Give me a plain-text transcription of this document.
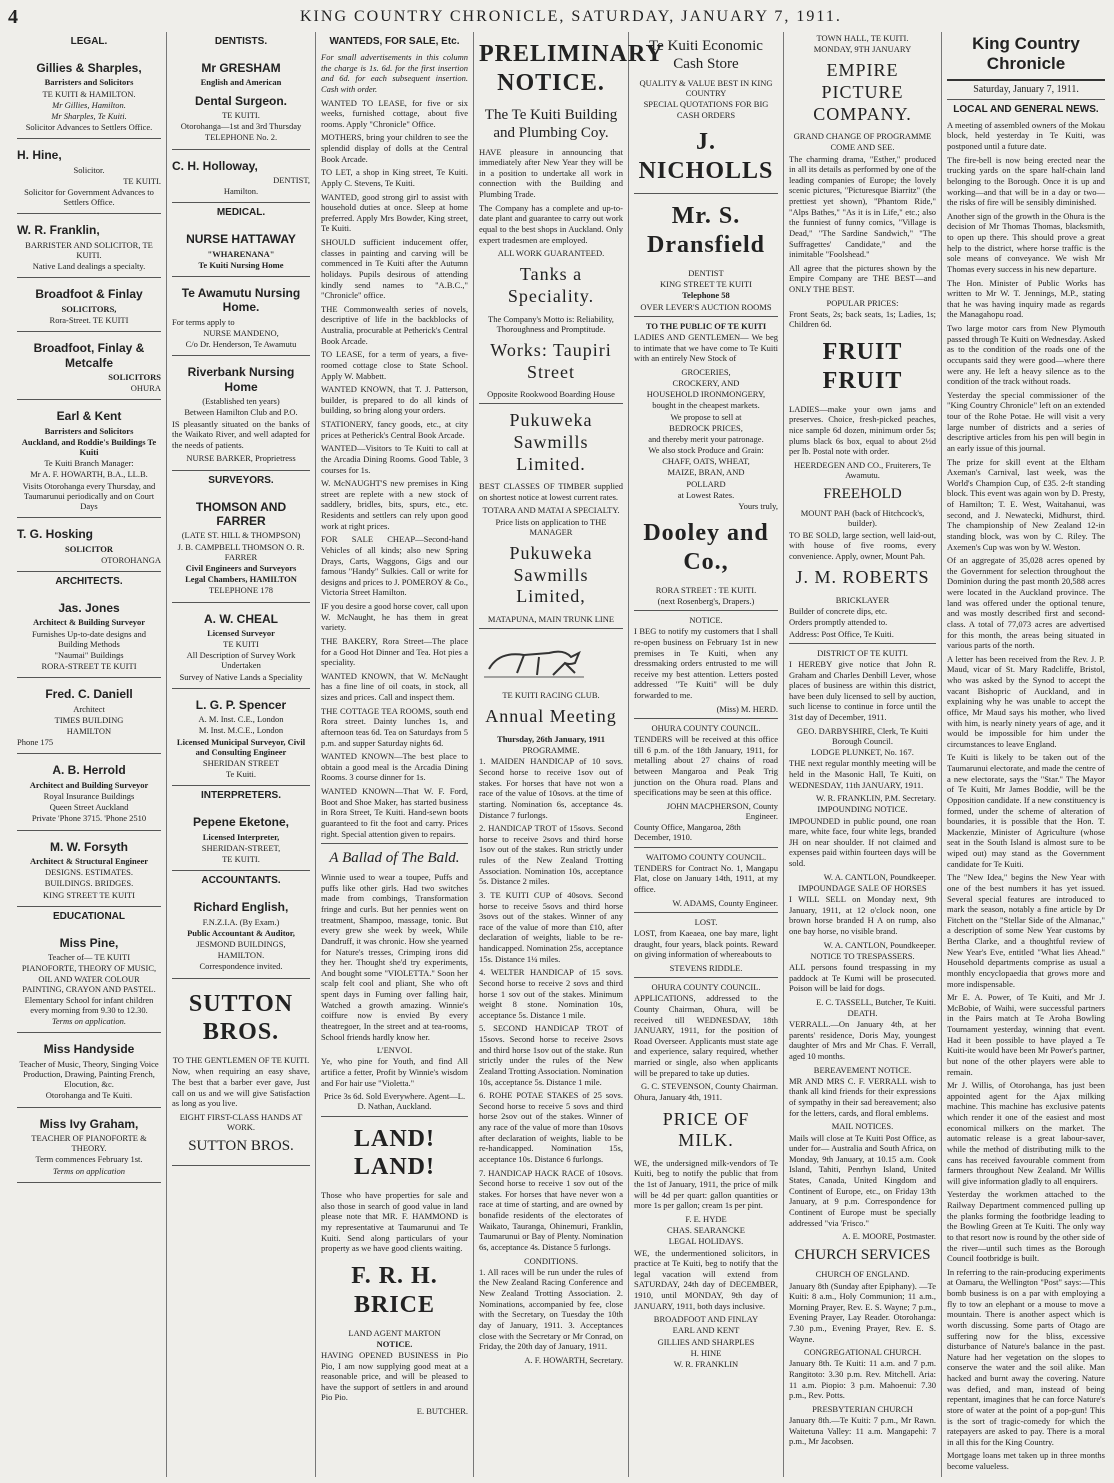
4	KING COUNTRY CHRONICLE, SATURDAY, JANUARY 7, 1911.
LEGAL.
Gillies & Sharples,
Barristers and Solicitors
TE KUITI & HAMILTON.
Mr Gillies, Hamilton.
Mr Sharples, Te Kuiti.
Solicitor Advances to Settlers Office.
H. Hine,
Solicitor.
TE KUITI.
Solicitor for Government Advances to Settlers Office.
W. R. Franklin,
BARRISTER AND SOLICITOR, TE KUITI.
Native Land dealings a specialty.
Broadfoot & Finlay
SOLICITORS,
Rora-Street. TE KUITI
Broadfoot, Finlay & Metcalfe
SOLICITORS
OHURA
Earl & Kent
Barristers and Solicitors
Auckland, and Roddie's Buildings Te Kuiti
Te Kuiti Branch Manager:
Mr A. F. HOWARTH, B.A., LL.B.
Visits Otorohanga every Thursday, and Taumarunui periodically and on Court Days
T. G. Hosking
SOLICITOR
OTOROHANGA
ARCHITECTS.
Jas. Jones
Architect & Building Surveyor
Furnishes Up-to-date designs and Building Methods
"Naumai" Buildings
RORA-STREET TE KUITI
Fred. C. Daniell
Architect
TIMES BUILDING
HAMILTON
Phone 175
A. B. Herrold
Architect and Building Surveyor
Royal Insurance Buildings
Queen Street Auckland
Private 'Phone 3715. 'Phone 2510
M. W. Forsyth
Architect & Structural Engineer
DESIGNS. ESTIMATES.
BUILDINGS. BRIDGES.
KING STREET TE KUITI
EDUCATIONAL
Miss Pine,
Teacher of— TE KUITI
PIANOFORTE, THEORY OF MUSIC, OIL AND WATER COLOUR PAINTING, CRAYON AND PASTEL.
Elementary School for infant children every morning from 9.30 to 12.30.
Terms on application.
Miss Handyside
Teacher of Music, Theory, Singing Voice Production, Drawing, Painting French, Elocution, &c.
Otorohanga and Te Kuiti.
Miss Ivy Graham,
TEACHER OF PIANOFORTE & THEORY.
Term commences February 1st.
Terms on application
DENTISTS.
Mr GRESHAM
English and American
Dental Surgeon.
TE KUITI.
Otorohanga—1st and 3rd Thursday
TELEPHONE No. 2.
C. H. Holloway,
DENTIST,
Hamilton.
MEDICAL.
NURSE HATTAWAY
"WHARENANA"
Te Kuiti Nursing Home
Te Awamutu Nursing Home.
For terms apply to
NURSE MANDENO,
C/o Dr. Henderson, Te Awamutu
Riverbank Nursing Home
(Established ten years)
Between Hamilton Club and P.O.
IS pleasantly situated on the banks of the Waikato River, and well adapted for the needs of patients.
NURSE BARKER, Proprietress
SURVEYORS.
THOMSON AND FARRER
(LATE ST. HILL & THOMPSON)
J. B. CAMPBELL THOMSON O. R. FARRER
Civil Engineers and Surveyors
Legal Chambers, HAMILTON
TELEPHONE 178
A. W. CHEAL
Licensed Surveyor
TE KUITI
All Description of Survey Work Undertaken
Survey of Native Lands a Speciality
L. G. P. Spencer
A. M. Inst. C.E., London
M. Inst. M.C.E., London
Licensed Municipal Surveyor, Civil and Consulting Engineer
SHERIDAN STREET
Te Kuiti.
INTERPRETERS.
Pepene Eketone,
Licensed Interpreter,
SHERIDAN-STREET,
TE KUITI.
ACCOUNTANTS.
Richard English,
F.N.Z.I.A. (By Exam.)
Public Accountant & Auditor,
JESMOND BUILDINGS,
HAMILTON.
Correspondence invited.
SUTTON BROS.
TO THE GENTLEMEN OF TE KUITI.
Now, when requiring an easy shave, The best that a barber ever gave, Just call on us and we will give Satisfaction as long as you live.
EIGHT FIRST-CLASS HANDS AT WORK.
SUTTON BROS.
WANTEDS, FOR SALE, Etc.
For small advertisements in this column the charge is 1s. 6d. for the first insertion and 6d. for each subsequent insertion. Cash with order.
WANTED TO LEASE, for five or six weeks, furnished cottage, about five rooms. Apply "Chronicle" Office.
MOTHERS, bring your children to see the splendid display of dolls at the Central Book Arcade.
TO LET, a shop in King street, Te Kuiti. Apply C. Stevens, Te Kuiti.
WANTED, good strong girl to assist with household duties at once. Sleep at home preferred. Apply Mrs Bowder, King street, Te Kuiti.
SHOULD sufficient inducement offer, classes in painting and carving will be commenced in Te Kuiti after the Autumn holidays. Pupils desirous of attending kindly send names to "A.B.C.," "Chronicle" office.
THE Commonwealth series of novels, descriptive of life in the backblocks of Australia, procurable at Petherick's Central Book Arcade.
TO LEASE, for a term of years, a five-roomed cottage close to State School. Apply W. Mabbett.
WANTED KNOWN, that T. J. Patterson, builder, is prepared to do all kinds of building, so bring along your orders.
STATIONERY, fancy goods, etc., at city prices at Petherick's Central Book Arcade.
WANTED—Visitors to Te Kuiti to call at the Arcadia Dining Rooms. Good Table, 3 courses for 1s.
W. McNAUGHT'S new premises in King street are replete with a new stock of saddlery, bridles, bits, spurs, etc., etc. Residents and settlers can rely upon good work at right prices.
FOR SALE CHEAP—Second-hand Vehicles of all kinds; also new Spring Drays, Carts, Waggons, Gigs and our famous "Handy" Sulkies. Call or write for designs and prices to J. POMEROY & Co., Victoria Street Hamilton.
IF you desire a good horse cover, call upon W. McNaught, he has them in great variety.
THE BAKERY, Rora Street—The place for a Good Hot Dinner and Tea. Hot pies a speciality.
WANTED KNOWN, that W. McNaught has a fine line of oil coats, in stock, all sizes and prices. Call and inspect them.
THE COTTAGE TEA ROOMS, south end Rora street. Dainty lunches 1s, and afternoon teas 6d. Tea on Saturdays from 5 p.m. and supper Saturday nights 6d.
WANTED KNOWN—The best place to obtain a good meal is the Arcadia Dining Rooms. 3 course dinner for 1s.
WANTED KNOWN—That W. F. Ford, Boot and Shoe Maker, has started business in Rora Street, Te Kuiti. Hand-sewn boots guaranteed to fit the foot and carry. Prices right. Special attention given to repairs.
A Ballad of The Bald.
Winnie used to wear a toupee, Puffs and puffs like other girls. Had two switches made from combings, Transformation fringe and curls. But her pennies went on treatment, Shampoo, massage, tonic. But every grew she week by week, While Dandruff, it was chronic. How she yearned for Nature's tresses, Crimping irons did they her. Thought she'd try experiments, And bought some "VIOLETTA." Soon her scalp felt cool and pliant, She who oft spent days in Fuming over falling hair, Watched a growth amazing. Winnie's coiffure now is envied By every theatregoer, In the street and at tea-rooms, School friends hardly know her.
L'ENVOI.
Ye, who pine for Youth, and find All artifice a fetter, Profit by Winnie's wisdom and For hair use "Violetta."
Price 3s 6d. Sold Everywhere. Agent—L. D. Nathan, Auckland.
LAND! LAND!
Those who have properties for sale and also those in search of good value in land please note that MR. F. HAMMOND is my representative at Taumarunui and Te Kuiti. Send along particulars of your property as we have good clients waiting.
F. R. H. BRICE
LAND AGENT MARTON
NOTICE.
HAVING OPENED BUSINESS in Pio Pio, I am now supplying good meat at a reasonable price, and will be pleased to have the support of settlers in and around Pio Pio.
E. BUTCHER.
PRELIMINARY NOTICE.
The Te Kuiti Building and Plumbing Coy.
HAVE pleasure in announcing that immediately after New Year they will be in a position to undertake all work in connection with the Building and Plumbing Trade.
The Company has a complete and up-to-date plant and guarantee to carry out work equal to the best shops in Auckland. Only expert tradesmen are employed.
ALL WORK GUARANTEED.
Tanks a Speciality.
The Company's Motto is: Reliability, Thoroughness and Promptitude.
Works: Taupiri Street
Opposite Rookwood Boarding House
Pukuweka Sawmills Limited.
BEST CLASSES OF TIMBER supplied on shortest notice at lowest current rates.
TOTARA AND MATAI A SPECIALTY.
Price lists on application to THE MANAGER
Pukuweka Sawmills Limited,
MATAPUNA, MAIN TRUNK LINE
TE KUITI RACING CLUB.
Annual Meeting
Thursday, 26th January, 1911
PROGRAMME.
1. MAIDEN HANDICAP of 10 sovs. Second horse to receive 1sov out of stakes. For horses that have not won a race of the value of 10sovs. at the time of starting. Nomination 6s, acceptance 4s. Distance 7 furlongs.
2. HANDICAP TROT of 15sovs. Second horse to receive 2sovs and third horse 1sov out of the stakes. Run strictly under rules of the New Zealand Trotting Association. Nomination 10s, acceptance 5s. Distance 2 miles.
3. TE KUITI CUP of 40sovs. Second horse to receive 5sovs and third horse 3sovs out of the stakes. Winner of any race of the value of more than £10, after declaration of weights, liable to be re-handicapped. Nomination 25s, acceptance 15s. Distance 1¼ miles.
4. WELTER HANDICAP of 15 sovs. Second horse to receive 2 sovs and third horse 1 sov out of the stakes. Minimum weight 8 stone. Nomination 10s, acceptance 5s. Distance 1 mile.
5. SECOND HANDICAP TROT of 15sovs. Second horse to receive 2sovs and third horse 1sov out of the stake. Run strictly under the rules of the New Zealand Trotting Association. Nomination 10s, acceptance 5s. Distance 1 mile.
6. ROHE POTAE STAKES of 25 sovs. Second horse to receive 5 sovs and third horse 2sov out of the stakes. Winner of any race of the value of more than 10sovs after declaration of weights, liable to be re-handicapped. Nomination 15s, acceptance 10s. Distance 6 furlongs.
7. HANDICAP HACK RACE of 10sovs. Second horse to receive 1 sov out of the stakes. For horses that have never won a race at time of starting, and are owned by bonafide residents of the electorates of Waikato, Tauranga, Ohinemuri, Franklin, Taumarunui or Bay of Plenty. Nomination 6s, acceptance 4s. Distance 5 furlongs.
CONDITIONS.
1. All races will be run under the rules of the New Zealand Racing Conference and New Zealand Trotting Association. 2. Nominations, accompanied by fee, close with the Secretary, on Tuesday the 10th day of January, 1911. 3. Acceptances close with the Secretary or Mr Conrad, on Friday, the 20th day of January, 1911.
A. F. HOWARTH, Secretary.
Te Kuiti Economic Cash Store
QUALITY & VALUE BEST IN KING COUNTRY
SPECIAL QUOTATIONS FOR BIG CASH ORDERS
J. NICHOLLS
Mr. S. Dransfield
DENTIST
KING STREET TE KUITI
Telephone 58
OVER LEVER'S AUCTION ROOMS
TO THE PUBLIC OF TE KUITI
LADIES AND GENTLEMEN— We beg to intimate that we have come to Te Kuiti with an entirely New Stock of
GROCERIES,
CROCKERY, AND
HOUSEHOLD IRONMONGERY,
bought in the cheapest markets.
We propose to sell at
BEDROCK PRICES,
and thereby merit your patronage.
We also stock Produce and Grain:
CHAFF, OATS, WHEAT,
MAIZE, BRAN, AND
POLLARD
at Lowest Rates.
Yours truly,
Dooley and Co.,
RORA STREET : TE KUITI.
(next Rosenberg's, Drapers.)
NOTICE.
I BEG to notify my customers that I shall re-open business on February 1st in new premises in Te Kuiti, when any dressmaking orders entrusted to me will receive my best attention. Letters posted addressed "Te Kuiti" will be duly forwarded to me.
(Miss) M. HERD.
OHURA COUNTY COUNCIL.
TENDERS will be received at this office till 6 p.m. of the 18th January, 1911, for metalling about 27 chains of road between Mangaroa and Peak Trig junction on the Ohura road. Plans and specifications may be seen at this office.
JOHN MACPHERSON, County Engineer.
County Office, Mangaroa, 28th December, 1910.
WAITOMO COUNTY COUNCIL.
TENDERS for Contract No. 1, Mangapu Flat, close on January 14th, 1911, at my office.
W. ADAMS, County Engineer.
LOST.
LOST, from Kaeaea, one bay mare, light draught, four years, black points. Reward on giving information of whereabouts to
STEVENS RIDDLE.
OHURA COUNTY COUNCIL.
APPLICATIONS, addressed to the County Chairman, Ohura, will be received till WEDNESDAY, 18th JANUARY, 1911, for the position of Road Overseer. Applicants must state age and experience, salary required, whether married or single, also when applicants will be prepared to take up duties.
G. C. STEVENSON, County Chairman.
Ohura, January 4th, 1911.
PRICE OF MILK.
WE, the undersigned milk-vendors of Te Kuiti, beg to notify the public that from the 1st of January, 1911, the price of milk will be 4d per quart: gallon quantities or more 1s per gallon; cream 1s per pint.
F. E. HYDE
CHAS. SEARANCKE
LEGAL HOLIDAYS.
WE, the undermentioned solicitors, in practice at Te Kuiti, beg to notify that the legal vacation will extend from SATURDAY, 24th day of DECEMBER, 1910, until MONDAY, 9th day of JANUARY, 1911, both days inclusive.
BROADFOOT AND FINLAY
EARL AND KENT
GILLIES AND SHARPLES
H. HINE
W. R. FRANKLIN
TOWN HALL, TE KUITI.
MONDAY, 9TH JANUARY
EMPIRE PICTURE COMPANY.
GRAND CHANGE OF PROGRAMME
COME AND SEE.
The charming drama, "Esther," produced in all its details as performed by one of the leading companies of Europe; the lovely scenic pictures, "Picturesque Biarritz" (the prettiest yet shown), "Phantom Ride," "Alps Bathes," "As it is in Life," etc.; also the funniest of funny comics, "Village is Dead," "The Sardine Sandwich," "The Suffragettes' Candidate," and the inimitable "Foolshead."
All agree that the pictures shown by the Empire Company are THE BEST—and ONLY THE BEST.
POPULAR PRICES:
Front Seats, 2s; back seats, 1s; Ladies, 1s; Children 6d.
FRUIT FRUIT
LADIES—make your own jams and preserves. Choice, fresh-picked peaches, nice sample 6d dozen, minimum order 5s; plums black 6s box, equal to about 2½d per lb. Postal note with order.
HEERDEGEN AND CO., Fruiterers, Te Awamutu.
FREEHOLD
MOUNT PAH (back of Hitchcock's, builder).
TO BE SOLD, large section, well laid-out, with house of five rooms, every convenience. Apply, owner, Mount Pah.
J. M. ROBERTS
BRICKLAYER
Builder of concrete dips, etc.
Orders promptly attended to.
Address: Post Office, Te Kuiti.
DISTRICT OF TE KUITI.
I HEREBY give notice that John R. Graham and Charles Denbill Lever, whose places of business are within this district, have been duly licensed to sell by auction, such license to continue in force until the 31st day of December, 1911.
GEO. DARBYSHIRE, Clerk, Te Kuiti Borough Council.
LODGE PLUNKET, No. 167.
THE next regular monthly meeting will be held in the Masonic Hall, Te Kuiti, on WEDNESDAY, 11th JANUARY, 1911.
W. R. FRANKLIN, P.M. Secretary.
IMPOUNDING NOTICE.
IMPOUNDED in public pound, one roan mare, white face, four white legs, branded JH on near shoulder. If not claimed and expenses paid within fourteen days will be sold.
W. A. CANTLON, Poundkeeper.
IMPOUNDAGE SALE OF HORSES
I WILL SELL on Monday next, 9th January, 1911, at 12 o'clock noon, one brown horse branded H A on rump, also one bay horse, no visible brand.
W. A. CANTLON, Poundkeeper.
NOTICE TO TRESPASSERS.
ALL persons found trespassing in my paddock at Te Kumi will be prosecuted. Poison will be laid for dogs.
E. C. TASSELL, Butcher, Te Kuiti.
DEATH.
VERRALL.—On January 4th, at her parents' residence, Doris May, youngest daughter of Mrs and Mr Chas. F. Verrall, aged 10 months.
BEREAVEMENT NOTICE.
MR AND MRS C. F. VERRALL wish to thank all kind friends for their expressions of sympathy in their sad bereavement; also for the letters, cards, and floral emblems.
MAIL NOTICES.
Mails will close at Te Kuiti Post Office, as under for— Australia and South Africa, on Monday, 9th January, at 10.15 a.m. Cook Island, Tahiti, Penrhyn Island, United States, Canada, United Kingdom and Continent of Europe, etc., on Friday 13th January, at 9 p.m. Correspondence for Continent of Europe must be specially addressed "via 'Frisco."
A. E. MOORE, Postmaster.
CHURCH SERVICES
CHURCH OF ENGLAND.
January 8th (Sunday after Epiphany). —Te Kuiti: 8 a.m., Holy Communion; 11 a.m., Morning Prayer, Rev. E. S. Wayne; 7 p.m., Evening Prayer, Lay Reader. Otorohanga: 7.30 p.m., Evening Prayer, Rev. E. S. Wayne.
CONGREGATIONAL CHURCH.
January 8th. Te Kuiti: 11 a.m. and 7 p.m. Rangitoto: 3.30 p.m. Rev. Mitchell. Aria: 11 a.m. Piopio: 3 p.m. Mahoenui: 7.30 p.m., Rev. Potts.
PRESBYTERIAN CHURCH
January 8th.—Te Kuiti: 7 p.m., Mr Rawn. Waitetuna Valley: 11 a.m. Mangapehi: 7 p.m., Mr Jacobsen.
King Country Chronicle
Saturday, January 7, 1911.
LOCAL AND GENERAL NEWS.
A meeting of assembled owners of the Mokau block, held yesterday in Te Kuiti, was postponed until a future date.
The fire-bell is now being erected near the trucking yards on the spare half-chain land belonging to the Borough. Once it is up and working—and that will be in a day or two—the risks of fire will be sensibly diminished.
Another sign of the growth in the Ohura is the decision of Mr Thomas Thomas, blacksmith, to open up there. This should prove a great help to the district, where horse traffic is the sole means of conveyance. We wish Mr Thomas every success in his new departure.
The Hon. Minister of Public Works has written to Mr W. T. Jennings, M.P., stating that he was having inquiry made as regards the Managahopu road.
Two large motor cars from New Plymouth passed through Te Kuiti on Wednesday. Asked as to the condition of the roads one of the occupants said they were good—where there were any. He left a heavy silence as to the condition of the track without roads.
Yesterday the special commissioner of the "King Country Chronicle" left on an extended tour of the Rohe Potae. He will visit a very large number of districts and a series of descriptive articles from his pen will begin in an early issue of this journal.
The prize for skill event at the Eltham Axeman's Carnival, last week, was the World's Champion Cup, of £35. 2-ft standing block. This event was again won by D. Presty, of Hamilton; T. E. West, Waitahanui, was second, and J. Newatecki, Midhurst, third. The championship of New Zealand 12-in standing block, was won by C. Riley. The Axemen's Cup was won by W. Weston.
Of an aggregate of 35,028 acres opened by the Government for selection throughout the Dominion during the past month 20,588 acres were located in the Auckland province. The land was offered under the optional tenure, and was mostly described first and second-class. A total of 77,073 acres are advertised for this month, the areas being situated in various parts of the north.
A letter has been received from the Rev. J. P. Maud, vicar of St. Mary Radcliffe, Bristol, who was asked by the Synod to accept the vacant Bishopric of Auckland, and in explaining why he was unable to accept the office, Mr Maud says his mother, who lived with him, is nearly ninety years of age, and it would be impossible for him under the circumstances to leave England.
Te Kuiti is likely to be taken out of the Taumarunui electorate, and made the centre of a new electorate, says the "Star." The Mayor of Te Kuiti, Mr James Boddie, will be the Opposition candidate. If a new constituency is formed, under the scheme of alteration of boundaries, it is possible that the Hon. T. Mackenzie, Minister of Agriculture (whose seat in the South Island is almost sure to be wiped out) may stand as the Government candidate for Te Kuiti.
The "New Idea," begins the New Year with one of the best numbers it has yet issued. Several special features are introduced to mark the season, notably a fine article by Dr Fitchett on the "Stellar Side of the Almanac," a description of some New Year customs by Bertha Clarke, and a thoughtful review of New Year's Eve, entitled "What lies Ahead." Household departments comprise as usual a monthly encyclopaedia that grows more and more indispensable.
Mr E. A. Power, of Te Kuiti, and Mr J. McBobie, of Waihi, were successful partners in the Pairs match at Te Aroha Bowling Tournament yesterday, winning that event. Had it been possible to have played a Te Kuiti-ite would have been Mr Power's partner, but none of the other players were able to remain.
Mr J. Willis, of Otorohanga, has just been appointed agent for the Ajax milking machine. This machine has exclusive patents which render it one of the easiest and most economical milkers on the market. The automatic release is a great labour-saver, while the method of distributing milk to the cans has received favourable comment from farmers throughout New Zealand. Mr Willis will give information gladly to all enquirers.
Yesterday the workmen attached to the Railway Department commenced pulling up the planks forming the footbridge leading to the Bowling Green at Te Kuiti. The only way to that resort now is round by the other side of the river—until such times as the Borough Council footbridge is built.
In referring to the rain-producing experiments at Oamaru, the Wellington "Post" says:—This bomb business is on a par with employing a fly to tow an elephant or a mouse to move a mountain. There is another aspect which is worth discussing. Some parts of Otago are suffering now for the bliss, excessive disturbance of Nature's balance in the past. Nature had her vegetation on the slopes to conserve the water and the soil alike. Man hacked and burnt away the covering. Nature was defied, and man, instead of being repentant, imagines that he can force Nature's store of water at the point of a pop-gun! This is the sort of tragic-comedy for which the ratepayers are asked to pay. There is a moral in all this for the King Country.
Mortgage loans met taken up in three months become valueless.
